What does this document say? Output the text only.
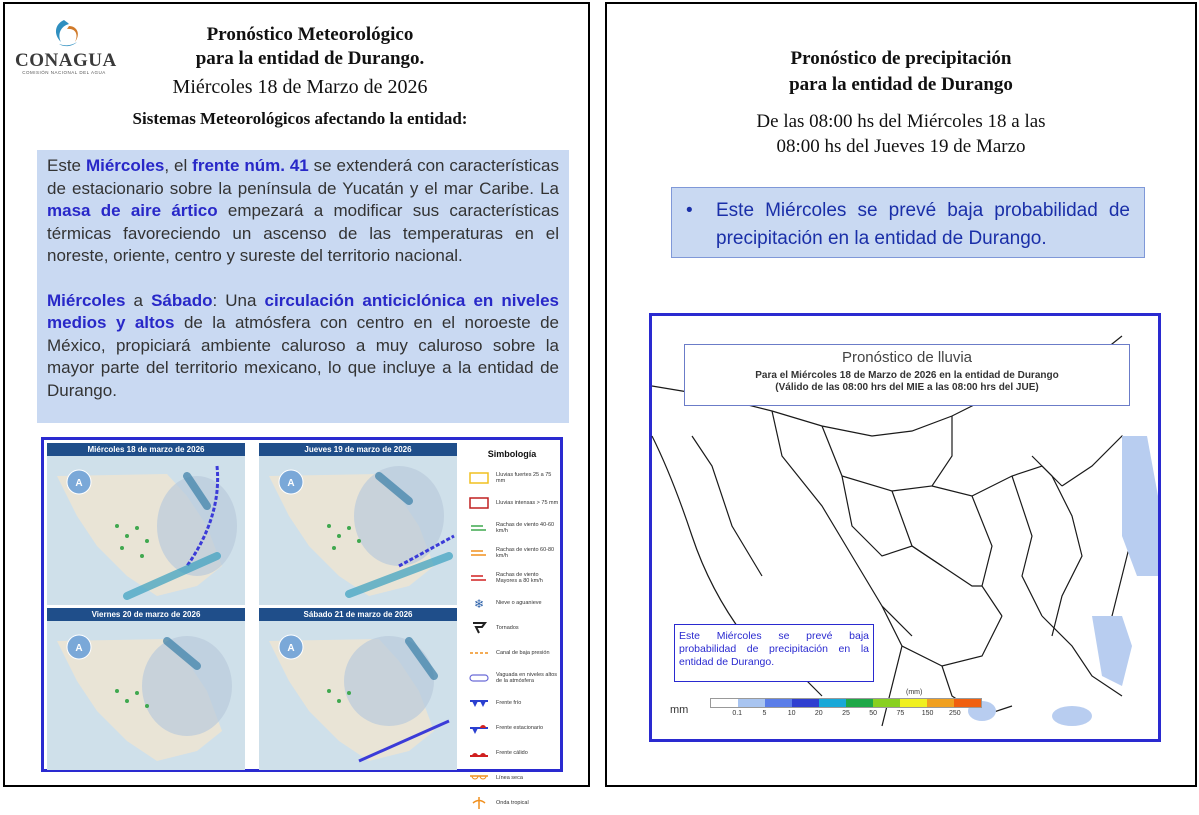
CONAGUA
COMISIÓN NACIONAL DEL AGUA
Pronóstico Meteorológico
para la entidad de Durango.
Miércoles 18 de Marzo de 2026
Sistemas Meteorológicos afectando la entidad:

Este Miércoles, el frente núm. 41 se extenderá con características de estacionario sobre la península de Yucatán y el mar Caribe. La masa de aire ártico empezará a modificar sus características térmicas favoreciendo un ascenso de las temperaturas en el noreste, oriente, centro y sureste del territorio nacional.

Miércoles a Sábado: Una circulación anticiclónica en niveles medios y altos de la atmósfera con centro en el noroeste de México, propiciará ambiente caluroso a muy caluroso sobre la mayor parte del territorio mexicano, lo que incluye a la entidad de Durango.

Miércoles 18 de marzo de 2026
A
Jueves 19 de marzo de 2026
A
Viernes 20 de marzo de 2026
A
Sábado 21 de marzo de 2026
A
Simbología
Lluvias fuertes 25 a 75 mm
Lluvias intensas > 75 mm
Rachas de viento 40-60 km/h
Rachas de viento 60-80 km/h
Rachas de viento Mayores a 80 km/h
❄ Nieve o aguanieve
Tornados
Canal de baja presión
Vaguada en niveles altos de la atmósfera
Frente frío
Frente estacionario
Frente cálido
Línea seca
Onda tropical
Pronóstico de precipitación
para la entidad de Durango
De las 08:00 hs del Miércoles 18 a las
08:00 hs del Jueves 19 de Marzo
• Este Miércoles se prevé baja probabilidad de precipitación en la entidad de Durango.
Pronóstico de lluvia
Para el Miércoles 18 de Marzo de 2026 en la entidad de Durango
(Válido de las 08:00 hrs del MIE a las 08:00 hrs del JUE)
Este Miércoles se prevé baja probabilidad de precipitación en la entidad de Durango.
mm
(mm)
0.1	5	10	20	25	50	75 150 250
